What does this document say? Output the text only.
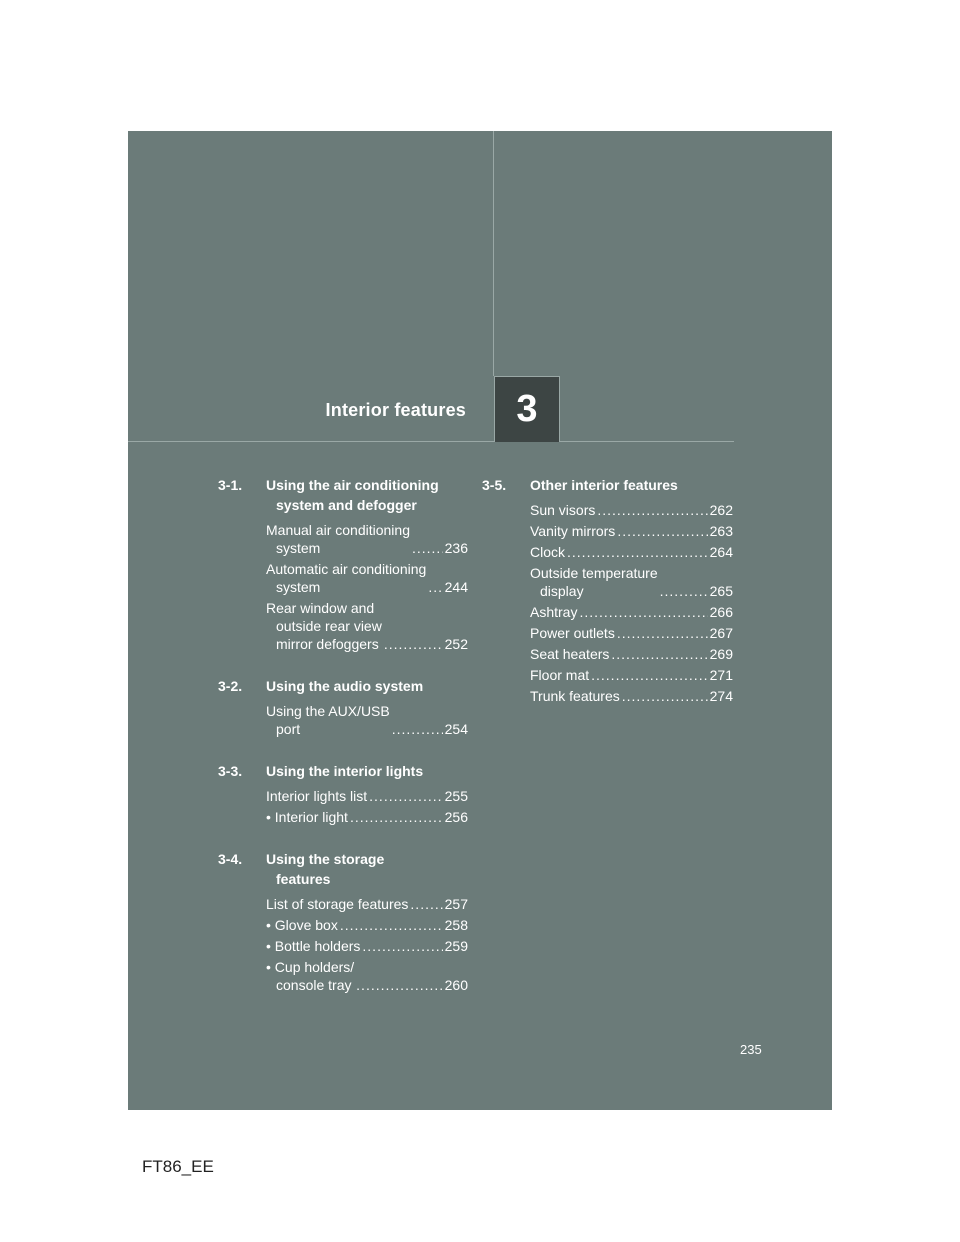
Interior features 3
3-1. Using the air conditioning
system and defogger
Manual air conditioning
system .....	236
Automatic air conditioning
system .....	244
Rear window and
outside rear view
mirror defoggers .....	252
3-2. Using the audio system
Using the AUX/USB
port .....	254
3-3. Using the interior lights
Interior lights list .....	255
• Interior light .....	256
3-4. Using the storage
features
List of storage features .....	257
• Glove box .....	258
• Bottle holders .....	259
• Cup holders/
console tray .....	260
3-5. Other interior features
Sun visors .....	262
Vanity mirrors .....	263
Clock .....	264
Outside temperature
display .....	265
Ashtray .....	266
Power outlets .....	267
Seat heaters .....	269
Floor mat .....	271
Trunk features .....	274
235
FT86_EE
